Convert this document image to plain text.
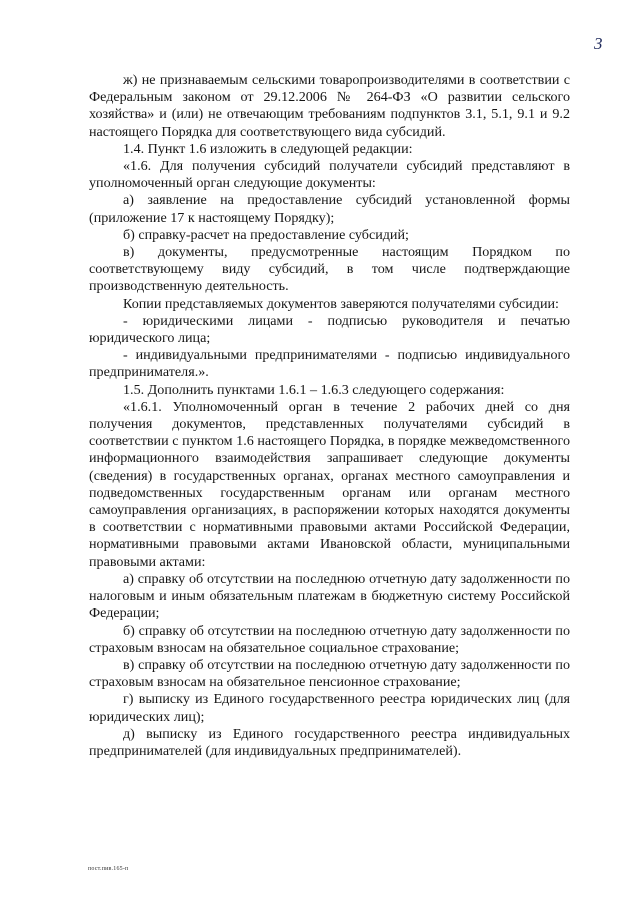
3

ж) не признаваемым сельскими товаропроизводителями в соответствии с Федеральным законом от 29.12.2006 № 264-ФЗ «О развитии сельского хозяйства» и (или) не отвечающим требованиям подпунктов 3.1, 5.1, 9.1 и 9.2 настоящего Порядка для соответствующего вида субсидий.

1.4. Пункт 1.6 изложить в следующей редакции:

«1.6. Для получения субсидий получатели субсидий представляют в уполномоченный орган следующие документы:

а) заявление на предоставление субсидий установленной формы (приложение 17 к настоящему Порядку);

б) справку-расчет на предоставление субсидий;

в) документы, предусмотренные настоящим Порядком по соответствующему виду субсидий, в том числе подтверждающие производственную деятельность.

Копии представляемых документов заверяются получателями субсидии:

- юридическими лицами - подписью руководителя и печатью юридического лица;

- индивидуальными предпринимателями - подписью индивидуального предпринимателя.».

1.5. Дополнить пунктами 1.6.1 – 1.6.3 следующего содержания:

«1.6.1. Уполномоченный орган в течение 2 рабочих дней со дня получения документов, представленных получателями субсидий в соответствии с пунктом 1.6 настоящего Порядка, в порядке межведомственного информационного взаимодействия запрашивает следующие документы (сведения) в государственных органах, органах местного самоуправления и подведомственных государственным органам или органам местного самоуправления организациях, в распоряжении которых находятся документы в соответствии с нормативными правовыми актами Российской Федерации, нормативными правовыми актами Ивановской области, муниципальными правовыми актами:

а) справку об отсутствии на последнюю отчетную дату задолженности по налоговым и иным обязательным платежам в бюджетную систему Российской Федерации;

б) справку об отсутствии на последнюю отчетную дату задолженности по страховым взносам на обязательное социальное страхование;

в) справку об отсутствии на последнюю отчетную дату задолженности по страховым взносам на обязательное пенсионное страхование;

г) выписку из Единого государственного реестра юридических лиц (для юридических лиц);

д) выписку из Единого государственного реестра индивидуальных предпринимателей (для индивидуальных предпринимателей).

пост.пив.165-п
